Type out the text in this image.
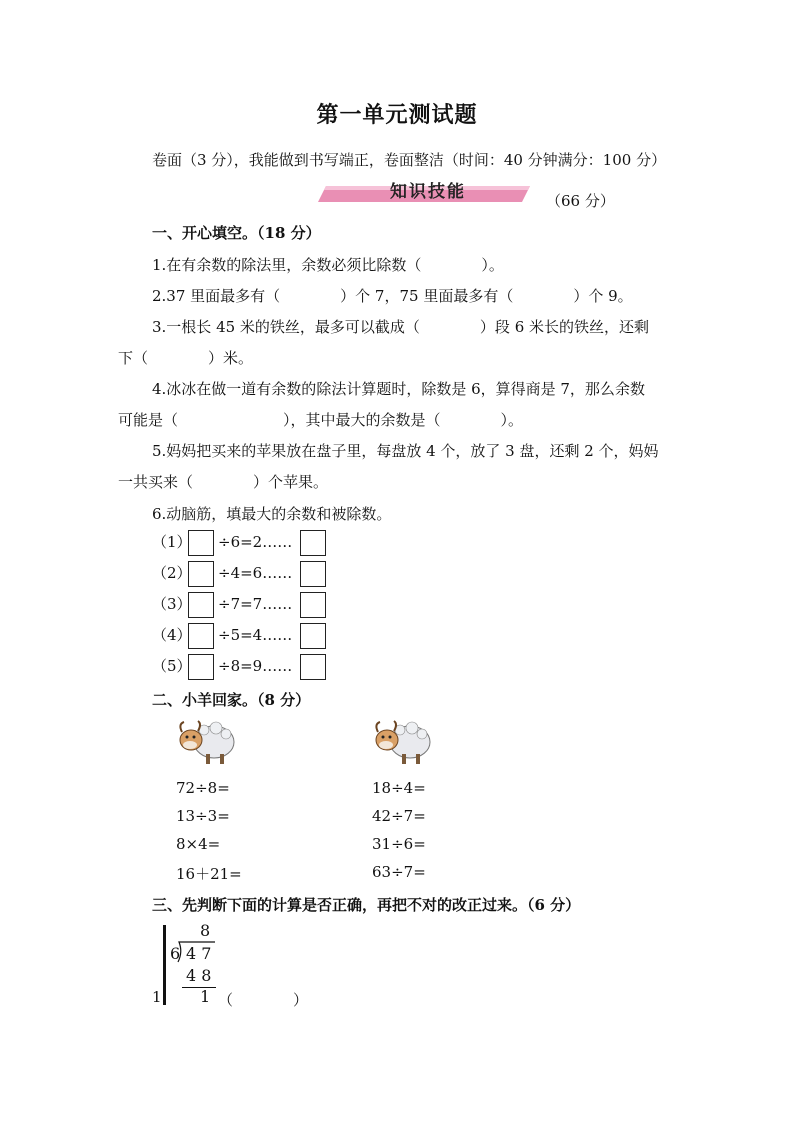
第一单元测试题
卷面（3 分），我能做到书写端正，卷面整洁（时间：40 分钟满分：100 分）
知识技能	（66 分）
一、开心填空。（18 分）
1.在有余数的除法里，余数必须比除数（　　　　）。
2.37 里面最多有（　　　　）个 7，75 里面最多有（　　　　）个 9。
3.一根长 45 米的铁丝，最多可以截成（　　　　）段 6 米长的铁丝，还剩
下（　　　　）米。
4.冰冰在做一道有余数的除法计算题时，除数是 6，算得商是 7，那么余数
可能是（　　　　　　　），其中最大的余数是（　　　　）。
5.妈妈把买来的苹果放在盘子里，每盘放 4 个，放了 3 盘，还剩 2 个，妈妈
一共买来（　　　　）个苹果。
6.动脑筋，填最大的余数和被除数。
（1） ÷6=2……
（2） ÷4=6……
（3） ÷7=7……
（4） ÷5=4……
（5） ÷8=9……
二、小羊回家。（8 分）
72÷8=
13÷3=
8×4=
16＋21=
18÷4=
42÷7=
31÷6=
63÷7=
三、先判断下面的计算是否正确，再把不对的改正过来。（6 分）
1.
8
6 4 7
4 8
1 （　　　　）
